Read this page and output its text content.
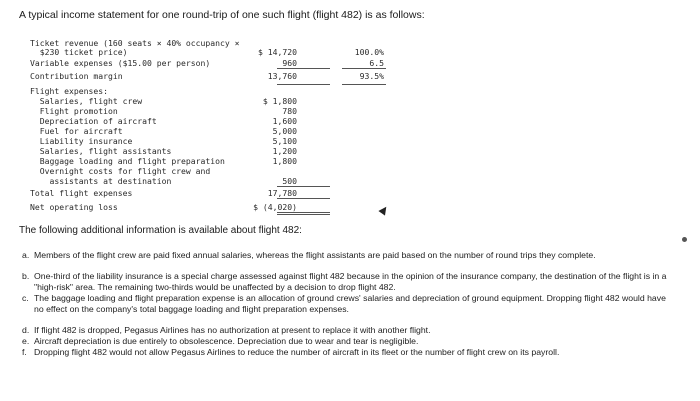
A typical income statement for one round-trip of one such flight (flight 482) is as follows:
Ticket revenue (160 seats × 40% occupancy ×
$230 ticket price)	$ 14,720	100.0%
Variable expenses ($15.00 per person)	960	6.5
Contribution margin	13,760	93.5%
Flight expenses:
Salaries, flight crew	$ 1,800
Flight promotion	780
Depreciation of aircraft	1,600
Fuel for aircraft	5,000
Liability insurance	5,100
Salaries, flight assistants	1,200
Baggage loading and flight preparation	1,800
Overnight costs for flight crew and
assistants at destination	500
Total flight expenses	17,780
Net operating loss	$ (4,020)
The following additional information is available about flight 482:
a. Members of the flight crew are paid fixed annual salaries, whereas the flight assistants are paid based on the number of round trips they complete.
b. One-third of the liability insurance is a special charge assessed against flight 482 because in the opinion of the insurance company, the destination of the flight is in a "high-risk" area. The remaining two-thirds would be unaffected by a decision to drop flight 482.
c. The baggage loading and flight preparation expense is an allocation of ground crews' salaries and depreciation of ground equipment. Dropping flight 482 would have no effect on the company's total baggage loading and flight preparation expenses.
d. If flight 482 is dropped, Pegasus Airlines has no authorization at present to replace it with another flight.
e. Aircraft depreciation is due entirely to obsolescence. Depreciation due to wear and tear is negligible.
f. Dropping flight 482 would not allow Pegasus Airlines to reduce the number of aircraft in its fleet or the number of flight crew on its payroll.
